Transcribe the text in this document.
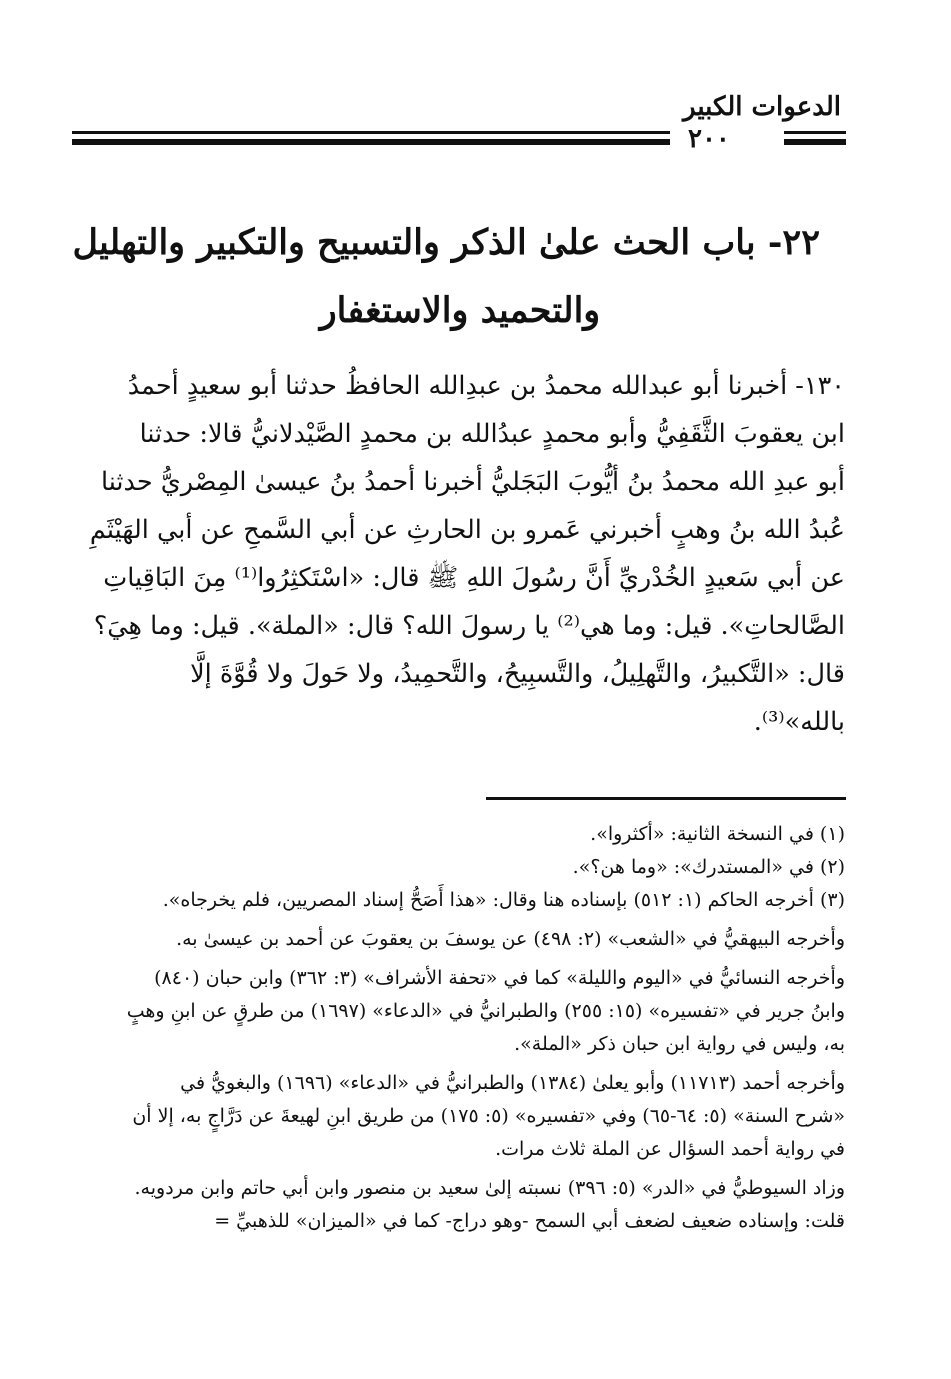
الدعوات الكبير
٢٠٠
٢٢- باب الحث علىٰ الذكر والتسبيح والتكبير والتهليل
والتحميد والاستغفار
١٣٠- أخبرنا أبو عبدالله محمدُ بن عبدِالله الحافظُ حدثنا أبو سعيدٍ أحمدُ
ابن يعقوبَ الثَّقَفِيُّ وأبو محمدٍ عبدُالله بن محمدٍ الصَّيْدلانيُّ قالا: حدثنا
أبو عبدِ الله محمدُ بنُ أيُّوبَ البَجَليُّ أخبرنا أحمدُ بنُ عيسىٰ المِصْريُّ حدثنا
عُبدُ الله بنُ وهبٍ أخبرني عَمرو بن الحارثِ عن أبي السَّمحِ عن أبي الهَيْثَمِ
عن أبي سَعيدٍ الخُدْريِّ أَنَّ رسُولَ اللهِ ﷺ قال: «اسْتَكثِرُوا⁽¹⁾ مِنَ البَاقِياتِ
الصَّالحاتِ». قيل: وما هي⁽²⁾ يا رسولَ الله؟ قال: «الملة». قيل: وما هِيَ؟
قال: «التَّكبيرُ، والتَّهلِيلُ، والتَّسبِيحُ، والتَّحمِيدُ، ولا حَولَ ولا قُوَّةَ إلَّا
بالله»⁽³⁾.
(١) في النسخة الثانية: «أكثروا».
(٢) في «المستدرك»: «وما هن؟».
(٣) أخرجه الحاكم (١: ٥١٢) بإسناده هنا وقال: «هذا أَصَحُّ إسناد المصريين، فلم يخرجاه».
وأخرجه البيهقيُّ في «الشعب» (٢: ٤٩٨) عن يوسفَ بن يعقوبَ عن أحمد بن عيسىٰ به.
وأخرجه النسائيُّ في «اليوم والليلة» كما في «تحفة الأشراف» (٣: ٣٦٢) وابن حبان (٨٤٠)
وابنُ جرير في «تفسيره» (١٥: ٢٥٥) والطبرانيُّ في «الدعاء» (١٦٩٧) من طرقٍ عن ابنِ وهبٍ
به، وليس في رواية ابن حبان ذكر «الملة».
وأخرجه أحمد (١١٧١٣) وأبو يعلىٰ (١٣٨٤) والطبرانيُّ في «الدعاء» (١٦٩٦) والبغويُّ في
«شرح السنة» (٥: ٦٤-٦٥) وفي «تفسيره» (٥: ١٧٥) من طريق ابنِ لهيعةَ عن دَرَّاجٍ به، إلا أن
في رواية أحمد السؤال عن الملة ثلاث مرات.
وزاد السيوطيُّ في «الدر» (٥: ٣٩٦) نسبته إلىٰ سعيد بن منصور وابن أبي حاتم وابن مردويه.
قلت: وإسناده ضعيف لضعف أبي السمح -وهو دراج- كما في «الميزان» للذهبيِّ =
